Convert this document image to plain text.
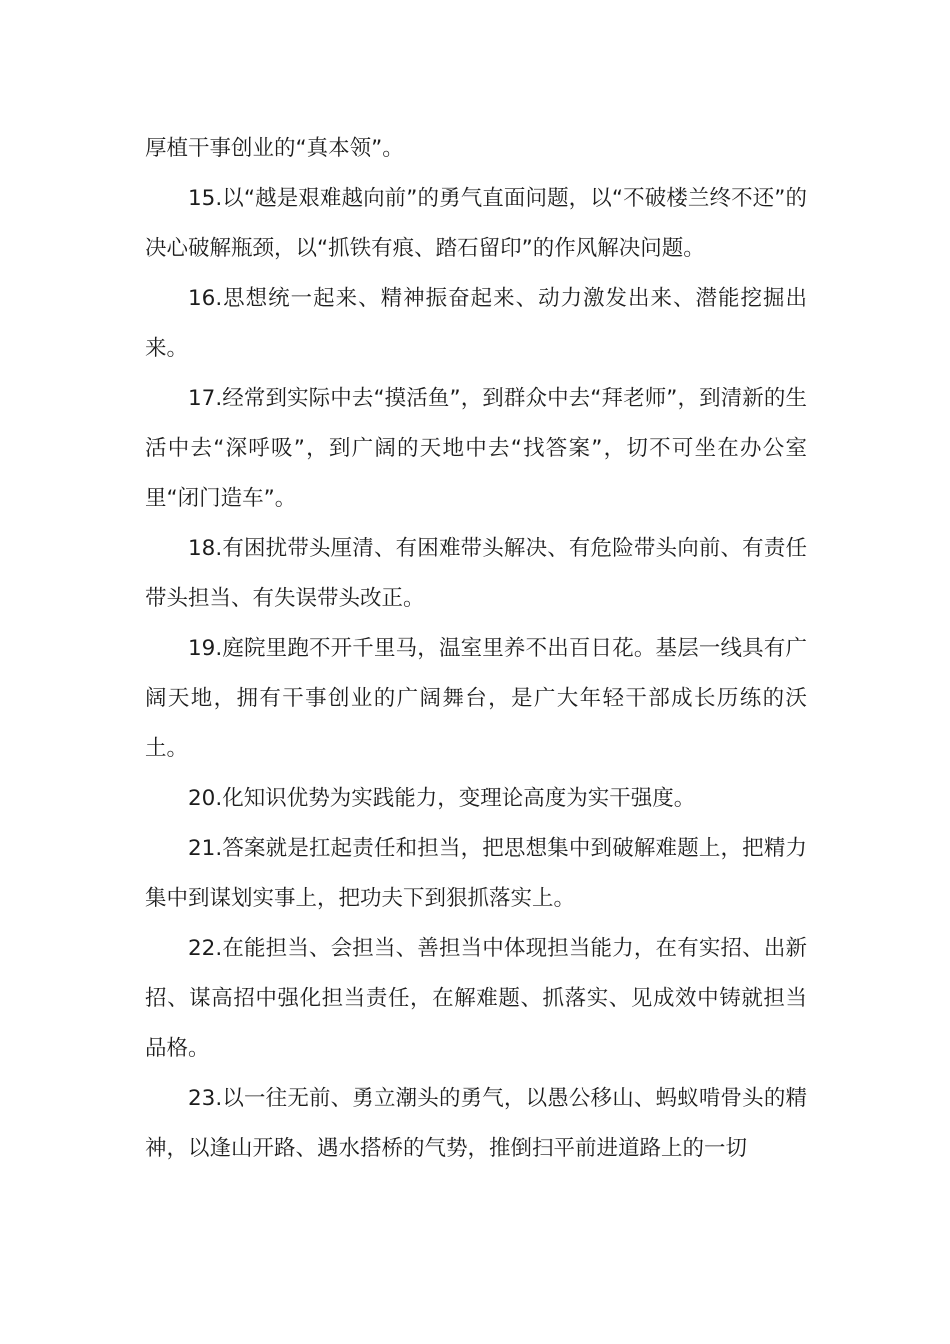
厚植干事创业的“真本领”。

15.以“越是艰难越向前”的勇气直面问题，以“不破楼兰终不还”的决心破解瓶颈，以“抓铁有痕、踏石留印”的作风解决问题。

16.思想统一起来、精神振奋起来、动力激发出来、潜能挖掘出来。

17.经常到实际中去“摸活鱼”，到群众中去“拜老师”，到清新的生活中去“深呼吸”，到广阔的天地中去“找答案”，切不可坐在办公室里“闭门造车”。

18.有困扰带头厘清、有困难带头解决、有危险带头向前、有责任带头担当、有失误带头改正。

19.庭院里跑不开千里马，温室里养不出百日花。基层一线具有广阔天地，拥有干事创业的广阔舞台，是广大年轻干部成长历练的沃土。

20.化知识优势为实践能力，变理论高度为实干强度。

21.答案就是扛起责任和担当，把思想集中到破解难题上，把精力集中到谋划实事上，把功夫下到狠抓落实上。

22.在能担当、会担当、善担当中体现担当能力，在有实招、出新招、谋高招中强化担当责任，在解难题、抓落实、见成效中铸就担当品格。

23.以一往无前、勇立潮头的勇气，以愚公移山、蚂蚁啃骨头的精神，以逢山开路、遇水搭桥的气势，推倒扫平前进道路上的一切
